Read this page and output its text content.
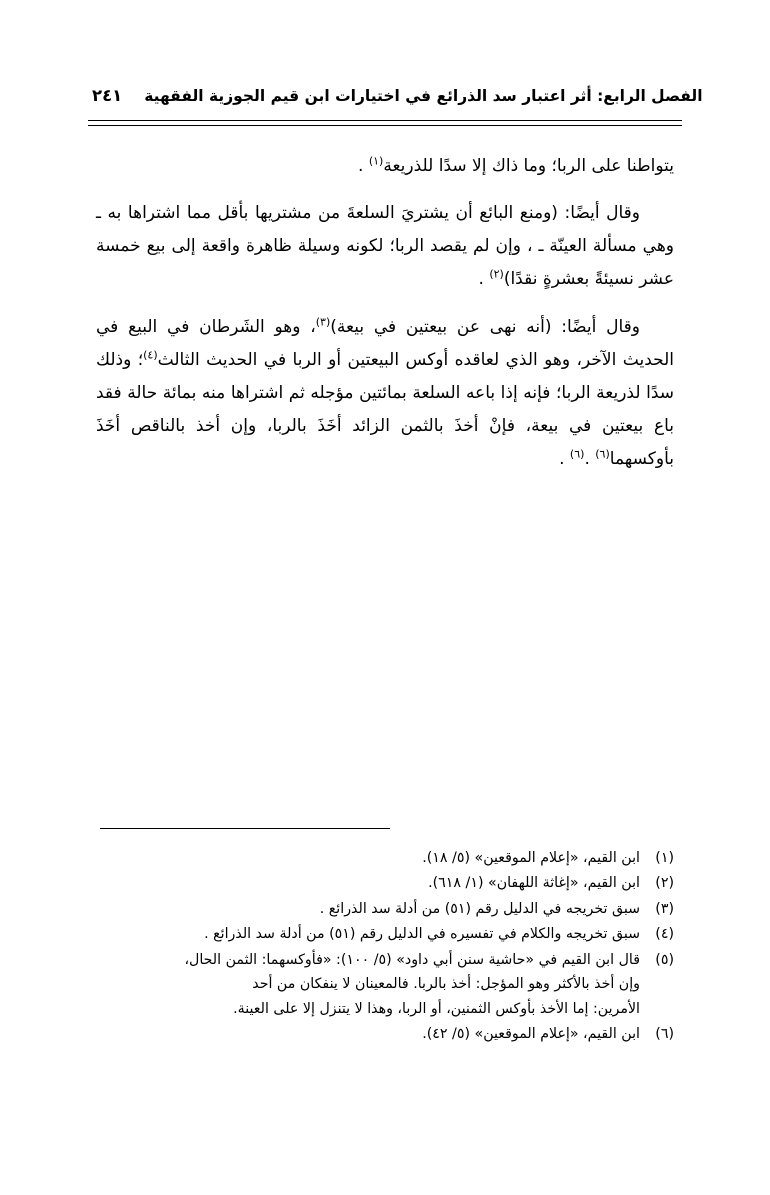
٢٤١ الفصل الرابع: أثر اعتبار سد الذرائع في اختيارات ابن قيم الجوزية الفقهية

يتواطنا على الربا؛ وما ذاك إلا سدًا للذريعة$^{(١)}$ .

وقال أيضًا: (ومنع البائع أن يشتريَ السلعةَ من مشتريها بأقل مما اشتراها به ـ وهي مسألة العينّة ـ ، وإن لم يقصد الربا؛ لكونه وسيلة ظاهرة واقعة إلى بيع خمسة عشر نسيئةً بعشرةٍ نقدًا)$^{(٢)}$ .

وقال أيضًا: (أنه نهى عن بيعتين في بيعة)$^{(٣)}$، وهو الشَرطان في البيع في الحديث الآخر، وهو الذي لعاقده أوكس البيعتين أو الربا في الحديث الثالث$^{(٤)}$؛ وذلك سدًا لذريعة الربا؛ فإنه إذا باعه السلعة بمائتين مؤجله ثم اشتراها منه بمائة حالة فقد باع بيعتين في بيعة، فإنْ أخذَ بالثمن الزائد أخَذَ بالربا، وإن أخذ بالناقص أخَذَ بأوكسهما$^{(٦)}$ .$^{(٦)}$ .

(١)ابن القيم، «إعلام الموقعين» (٥/ ١٨).
(٢)ابن القيم، «إغاثة اللهفان» (١/ ٦١٨).
(٣)سبق تخريجه في الدليل رقم (٥١) من أدلة سد الذرائع .
(٤)سبق تخريجه والكلام في تفسيره في الدليل رقم (٥١) من أدلة سد الذرائع .
(٥)قال ابن القيم في «حاشية سنن أبي داود» (٥/ ١٠٠): «فأوكسهما: الثمن الحال،
وإن أخذ بالأكثر وهو المؤجل: أخذ بالربا. فالمعينان لا ينفكان من أحد
الأمرين: إما الأخذ بأوكس الثمنين، أو الربا، وهذا لا يتنزل إلا على العينة.
(٦)ابن القيم، «إعلام الموقعين» (٥/ ٤٢).
